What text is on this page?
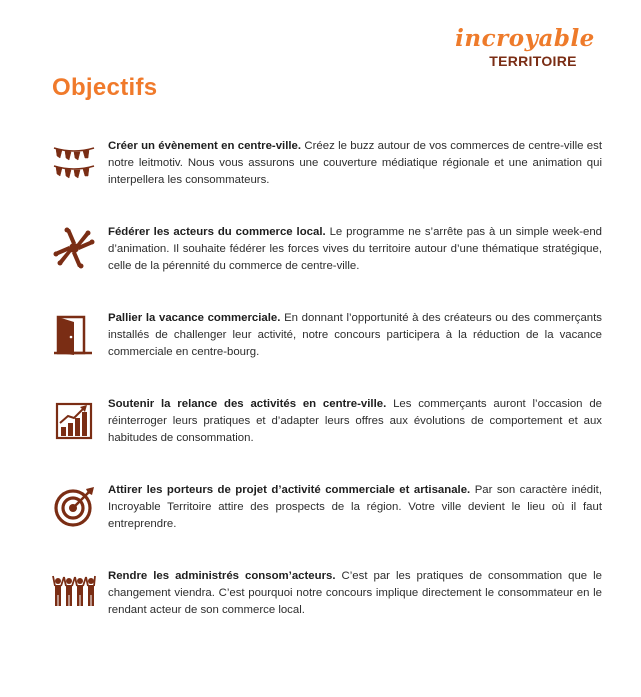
incroyable
TERRITOIRE
Objectifs
Créer un évènement en centre-ville. Créez le buzz autour de vos commerces de centre-ville est notre leitmotiv. Nous vous assurons une couverture médiatique régionale et une animation qui interpellera les consommateurs.
Fédérer les acteurs du commerce local. Le programme ne s’arrête pas à un simple week-end d’animation. Il souhaite fédérer les forces vives du territoire autour d’une thématique stratégique, celle de la pérennité du commerce de centre-ville.
Pallier la vacance commerciale. En donnant l’opportunité à des créateurs ou des commerçants installés de challenger leur activité, notre concours participera à la réduction de la vacance commerciale en centre-bourg.
Soutenir la relance des activités en centre-ville. Les commerçants auront l’occasion de réinterroger leurs pratiques et d’adapter leurs offres aux évolutions de comportement et aux habitudes de consommation.
Attirer les porteurs de projet d’activité commerciale et artisanale. Par son caractère inédit, Incroyable Territoire attire des prospects de la région. Votre ville devient le lieu où il faut entreprendre.
Rendre les administrés consom’acteurs. C’est par les pratiques de consommation que le changement viendra. C’est pourquoi notre concours implique directement le consommateur en le rendant acteur de son commerce local.
